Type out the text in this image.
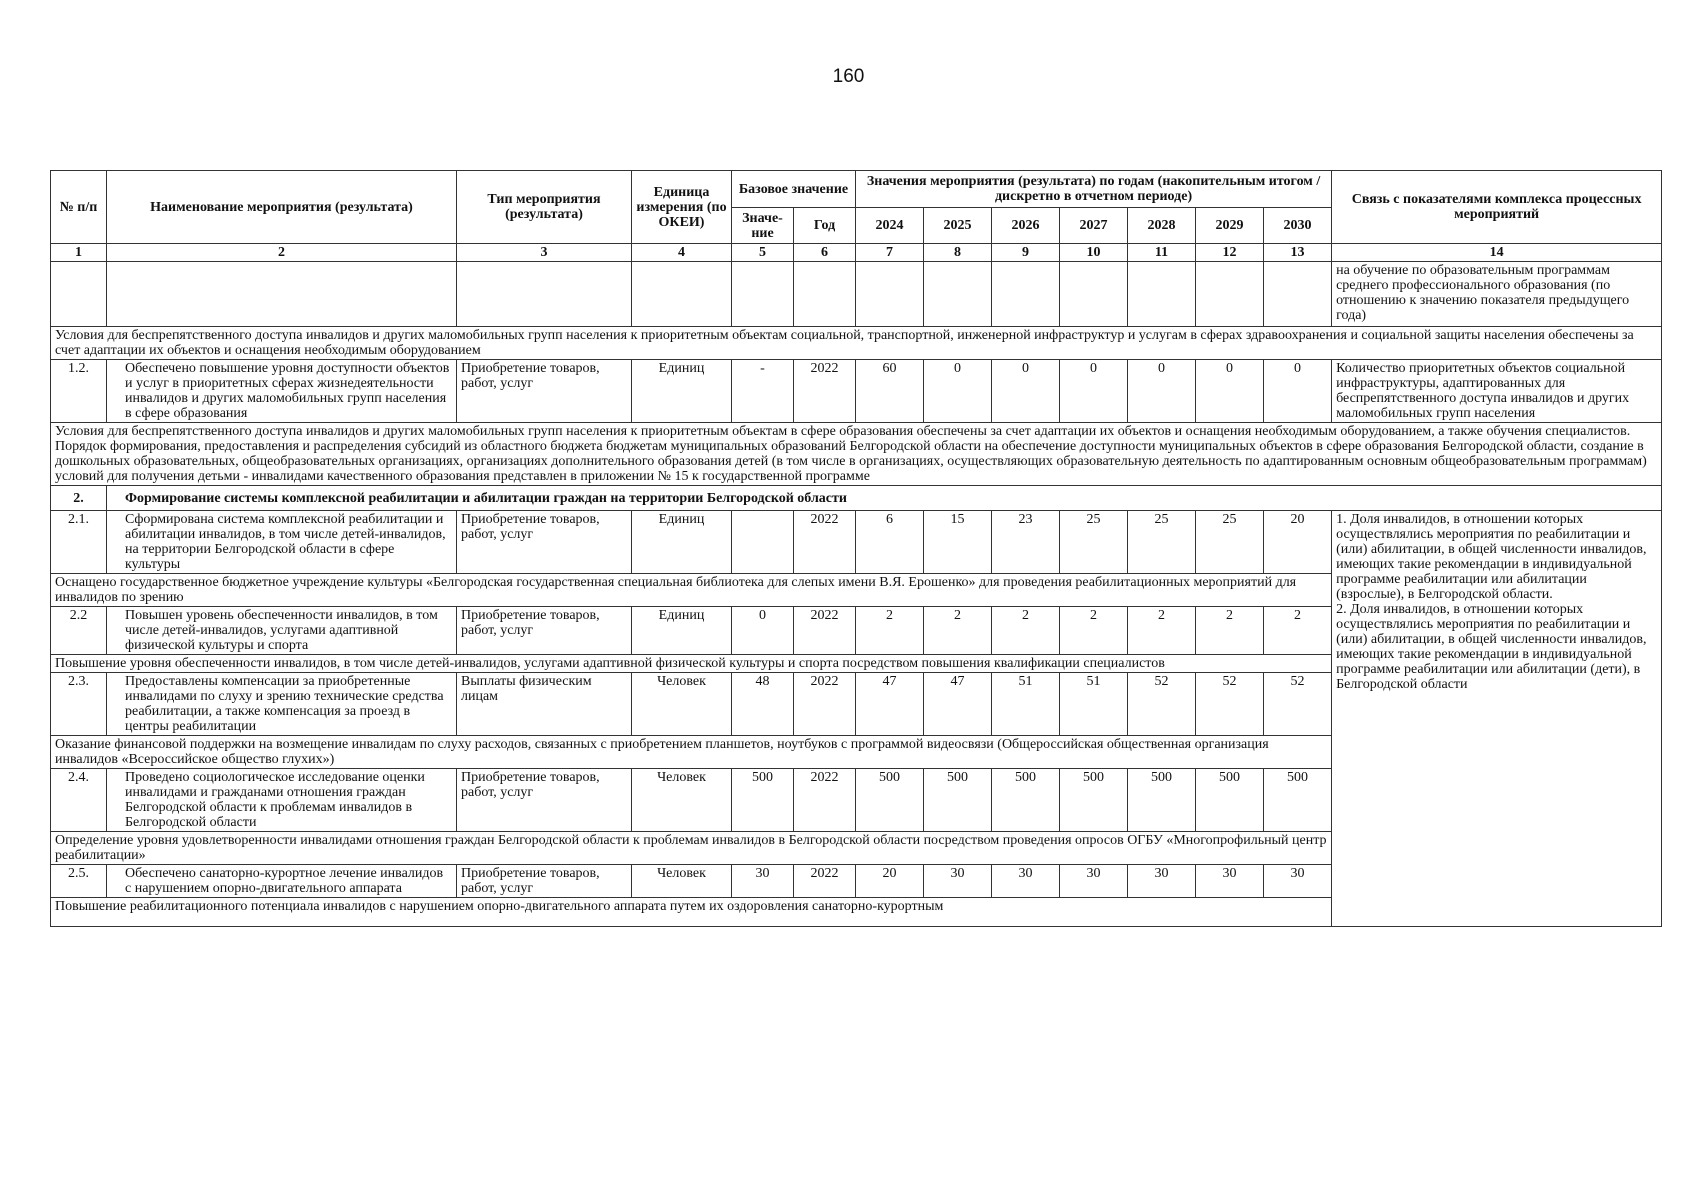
160
№ п/п	Наименование мероприятия (результата)	Тип мероприятия (результата)	Единица измерения (по ОКЕИ)	Базовое значение		Значения мероприятия (результата) по годам (накопительным итогом / дискретно в отчетном периоде)							Связь с показателями комплекса процессных мероприятий
				Значе-ние	Год	2024	2025	2026	2027	2028	2029	2030	
1	2	3	4	5	6	7	8	9	10	11	12	13	14
													на обучение по образовательным программам среднего профессионального образования (по отношению к значению показателя предыдущего года)
Условия для беспрепятственного доступа инвалидов и других маломобильных групп населения к приоритетным объектам социальной, транспортной, инженерной инфраструктур и услугам в сферах здравоохранения и социальной защиты населения обеспечены за счет адаптации их объектов и оснащения необходимым оборудованием													
1.2.	Обеспечено повышение уровня доступности объектов и услуг в приоритетных сферах жизнедеятельности инвалидов и других маломобильных групп населения в сфере образования	Приобретение товаров, работ, услуг	Единиц	-	2022	60	0	0	0	0	0	0	Количество приоритетных объектов социальной инфраструктуры, адаптированных для беспрепятственного доступа инвалидов и других маломобильных групп населения

Условия для беспрепятственного доступа инвалидов и других маломобильных групп населения к приоритетным объектам в сфере образования обеспечены за счет адаптации их объектов и оснащения необходимым оборудованием, а также обучения специалистов.
Порядок формирования, предоставления и распределения субсидий из областного бюджета бюджетам муниципальных образований Белгородской области на обеспечение доступности муниципальных объектов в сфере образования Белгородской области, создание в дошкольных образовательных, общеобразовательных организациях, организациях дополнительного образования детей (в том числе в организациях, осуществляющих образовательную деятельность по адаптированным основным общеобразовательным программам) условий для получения детьми - инвалидами качественного образования представлен в приложении № 15 к государственной программе													

2.	Формирование системы комплексной реабилитации и абилитации граждан на территории Белгородской области												
2.1.	Сформирована система комплексной реабилитации и абилитации инвалидов, в том числе детей-инвалидов, на территории Белгородской области в сфере культуры	Приобретение товаров, работ, услуг	Единиц		2022	6	15	23	25	25	25	20	1. Доля инвалидов, в отношении которых осуществлялись мероприятия по реабилитации и (или) абилитации, в общей численности инвалидов, имеющих такие рекомендации в индивидуальной программе реабилитации или абилитации (взрослые), в Белгородской области.
2. Доля инвалидов, в отношении которых осуществлялись мероприятия по реабилитации и (или) абилитации, в общей численности инвалидов, имеющих такие рекомендации в индивидуальной программе реабилитации или абилитации (дети), в Белгородской области
Оснащено государственное бюджетное учреждение культуры «Белгородская государственная специальная библиотека для слепых имени В.Я. Ерошенко» для проведения реабилитационных мероприятий для инвалидов по зрению													
2.2	Повышен уровень обеспеченности инвалидов, в том числе детей-инвалидов, услугами адаптивной физической культуры и спорта	Приобретение товаров, работ, услуг	Единиц	0	2022	2	2	2	2	2	2	2	
Повышение уровня обеспеченности инвалидов, в том числе детей-инвалидов, услугами адаптивной физической культуры и спорта посредством повышения квалификации специалистов													
2.3.	Предоставлены компенсации за приобретенные инвалидами по слуху и зрению технические средства реабилитации, а также компенсация за проезд в центры реабилитации	Выплаты физическим лицам	Человек	48	2022	47	47	51	51	52	52	52	
Оказание финансовой поддержки на возмещение инвалидам по слуху расходов, связанных с приобретением планшетов, ноутбуков с программой видеосвязи (Общероссийская общественная организация инвалидов «Всероссийское общество глухих»)													
2.4.	Проведено социологическое исследование оценки инвалидами и гражданами отношения граждан Белгородской области к проблемам инвалидов в Белгородской области	Приобретение товаров, работ, услуг	Человек	500	2022	500	500	500	500	500	500	500	
Определение уровня удовлетворенности инвалидами отношения граждан Белгородской области к проблемам инвалидов в Белгородской области посредством проведения опросов ОГБУ «Многопрофильный центр реабилитации»													
2.5.	Обеспечено санаторно-курортное лечение инвалидов с нарушением опорно-двигательного аппарата	Приобретение товаров, работ, услуг	Человек	30	2022	20	30	30	30	30	30	30	
Повышение реабилитационного потенциала инвалидов с нарушением опорно-двигательного аппарата путем их оздоровления санаторно-курортным													
